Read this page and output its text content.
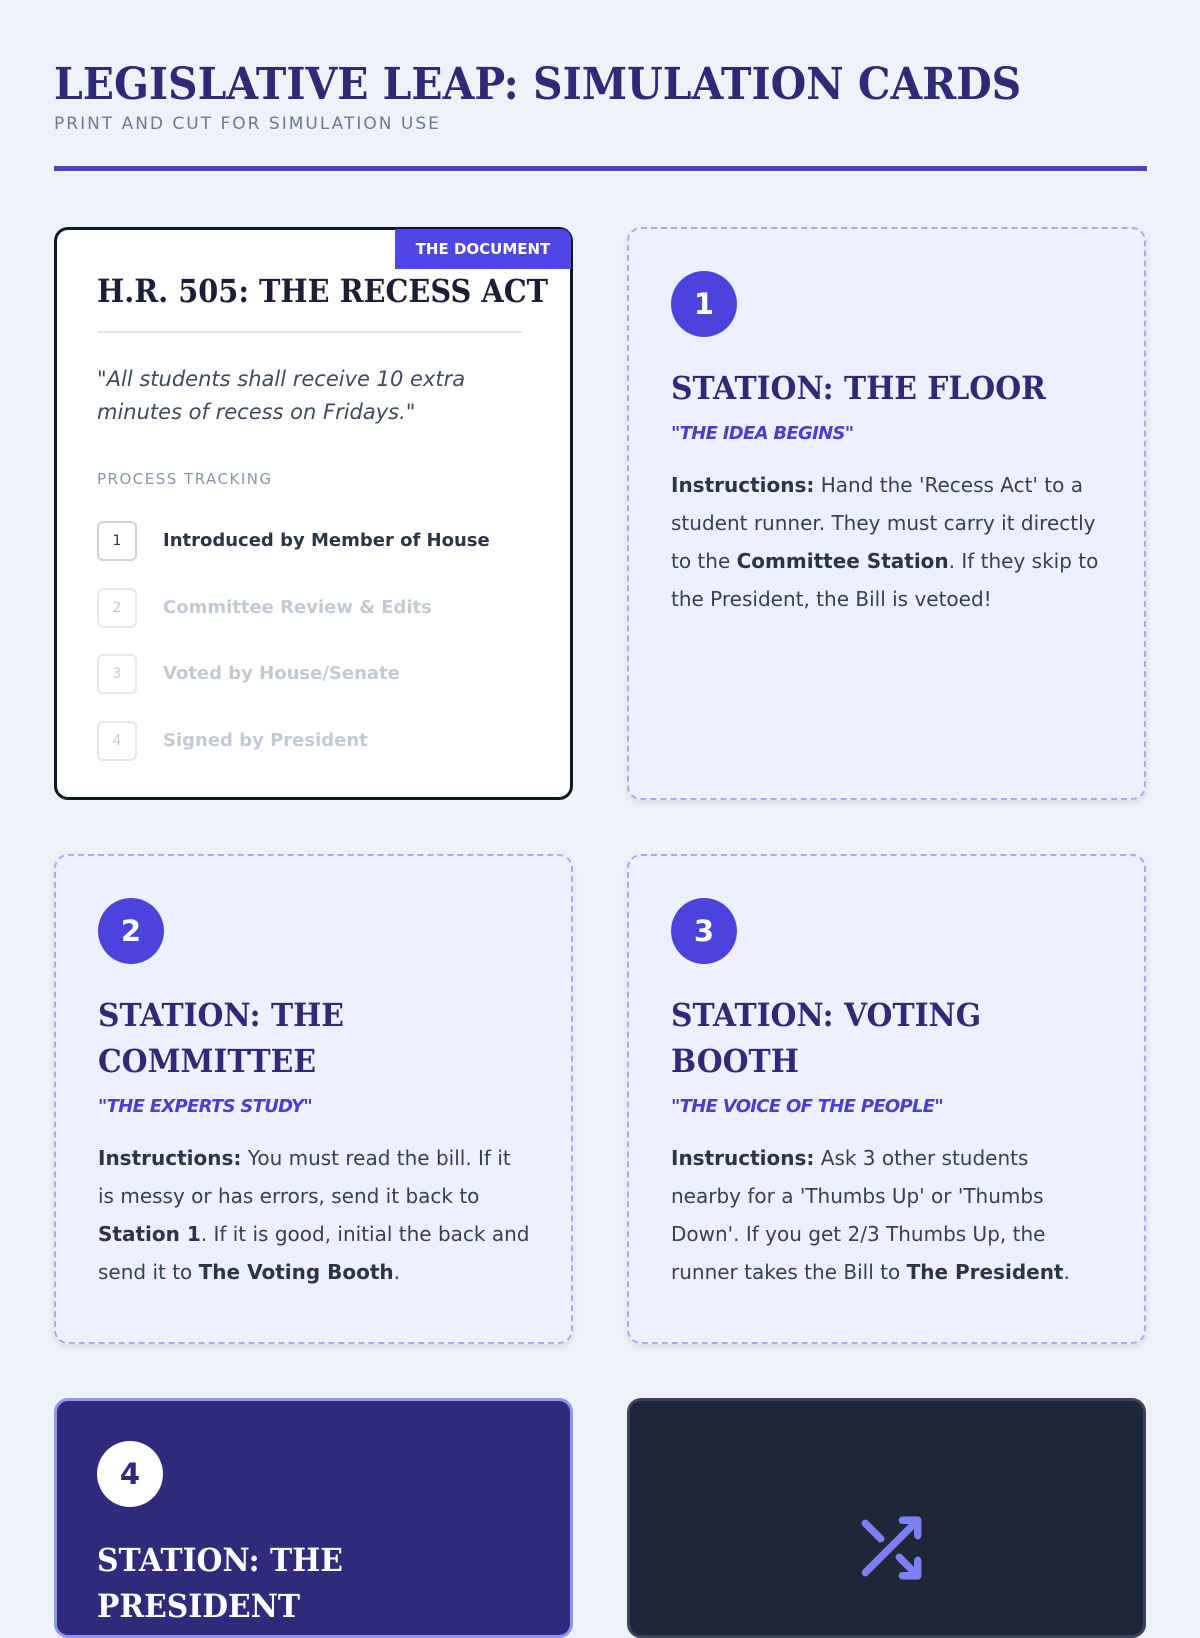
LEGISLATIVE LEAP: SIMULATION CARDS
PRINT AND CUT FOR SIMULATION USE
THE DOCUMENT
H.R. 505: THE RECESS ACT
"All students shall receive 10 extra minutes of recess on Fridays."
PROCESS TRACKING
1	Introduced by Member of House
2	Committee Review & Edits
3	Voted by House/Senate
4	Signed by President
1
STATION: THE FLOOR
"THE IDEA BEGINS"
Instructions: Hand the 'Recess Act' to a student runner. They must carry it directly to the Committee Station. If they skip to the President, the Bill is vetoed!
2
STATION: THE
COMMITTEE
"THE EXPERTS STUDY"
Instructions: You must read the bill. If it is messy or has errors, send it back to Station 1. If it is good, initial the back and send it to The Voting Booth.
3
STATION: VOTING BOOTH
"THE VOICE OF THE PEOPLE"
Instructions: Ask 3 other students nearby for a 'Thumbs Up' or 'Thumbs Down'. If you get 2/3 Thumbs Up, the runner takes the Bill to The President.
4
STATION: THE PRESIDENT
